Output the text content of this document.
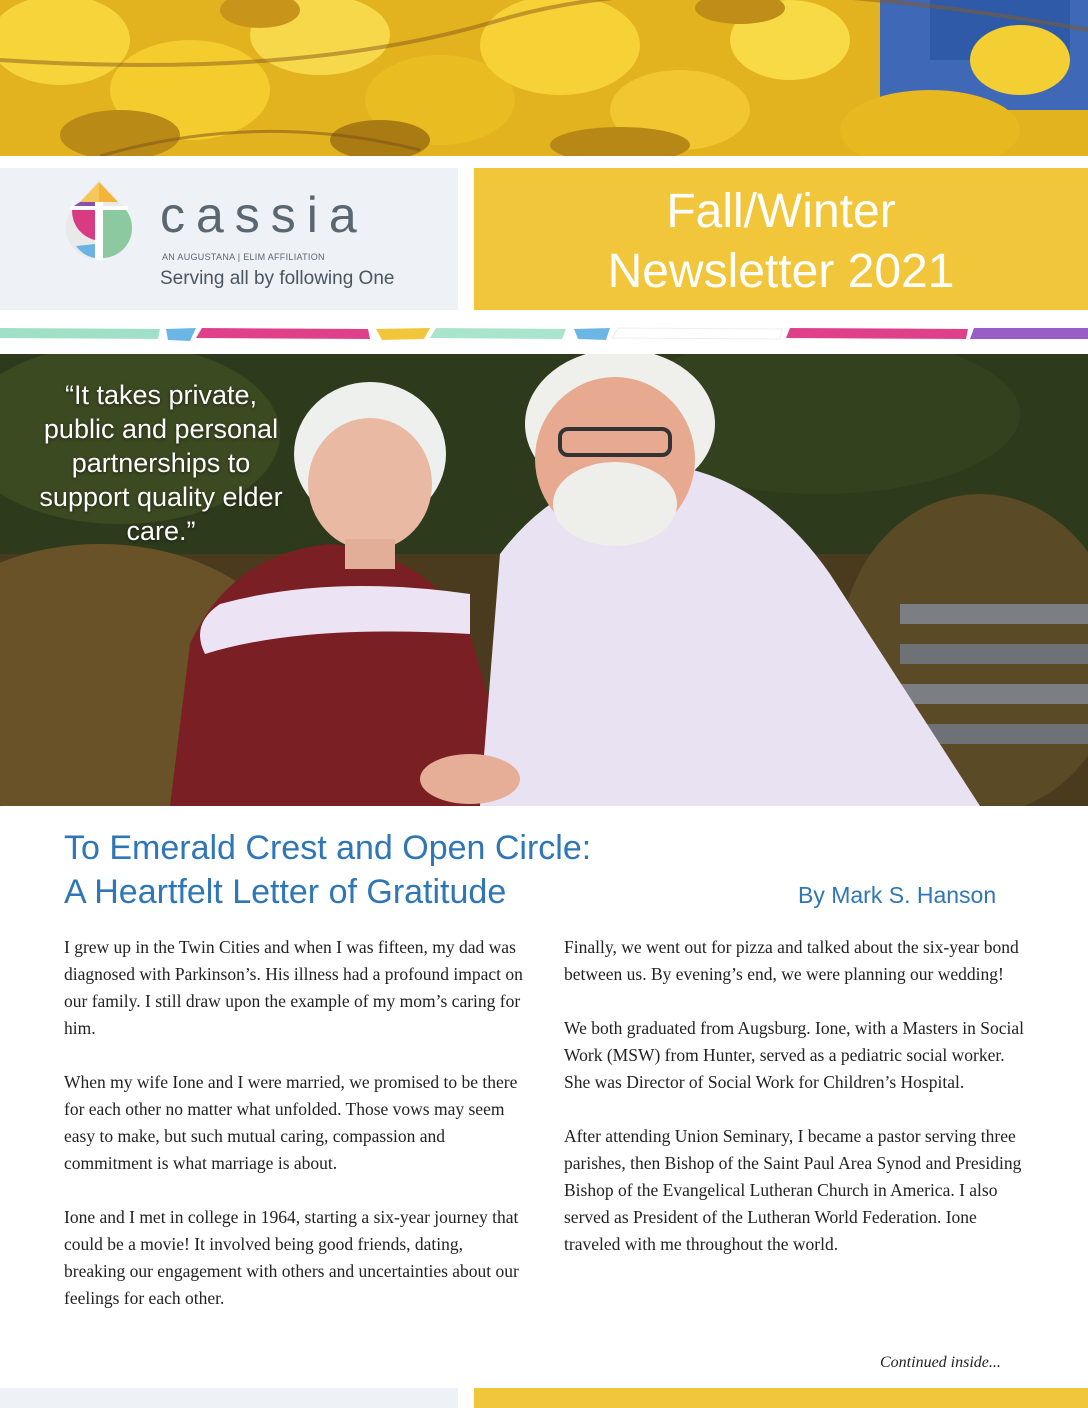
cassia
AN AUGUSTANA | ELIM AFFILIATION
Serving all by following One
Fall/Winter
Newsletter 2021
“It takes private, public and personal partnerships to support quality elder care.”
To Emerald Crest and Open Circle:
A Heartfelt Letter of Gratitude	By Mark S. Hanson

I grew up in the Twin Cities and when I was fifteen, my dad was diagnosed with Parkinson’s. His illness had a profound impact on our family. I still draw upon the example of my mom’s caring for him.

When my wife Ione and I were married, we promised to be there for each other no matter what unfolded. Those vows may seem easy to make, but such mutual caring, compassion and commitment is what marriage is about.

Ione and I met in college in 1964, starting a six-year journey that could be a movie! It involved being good friends, dating, breaking our engagement with others and uncertainties about our feelings for each other.

Finally, we went out for pizza and talked about the six-year bond between us. By evening’s end, we were planning our wedding!

We both graduated from Augsburg. Ione, with a Masters in Social Work (MSW) from Hunter, served as a pediatric social worker. She was Director of Social Work for Children’s Hospital.

After attending Union Seminary, I became a pastor serving three parishes, then Bishop of the Saint Paul Area Synod and Presiding Bishop of the Evangelical Lutheran Church in America. I also served as President of the Lutheran World Federation. Ione traveled with me throughout the world.

Continued inside...
